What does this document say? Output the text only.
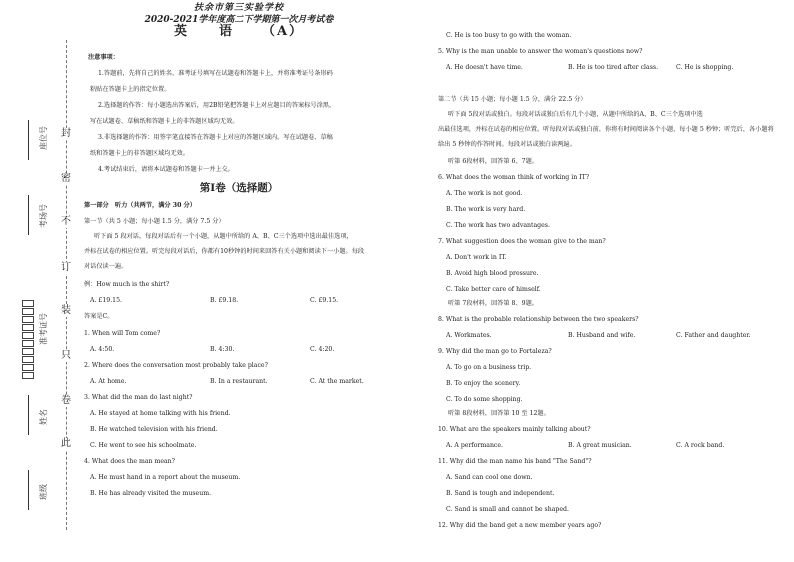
封
密
不
订
装
只
卷
此
座位号
考场号
准考证号
姓名
班级
扶余市第三实验学校
2020-2021学年度高二下学期第一次月考试卷
英　　语 （A）
注意事项：
1.答题前，先将自己的姓名、准考证号填写在试题卷和答题卡上，并将准考证号条形码
粘贴在答题卡上的指定位置。
2.选择题的作答：每小题选出答案后，用2B铅笔把答题卡上对应题目的答案标号涂黑，
写在试题卷、草稿纸和答题卡上的非答题区域均无效。
3.非选择题的作答：用签字笔直接答在答题卡上对应的答题区域内。写在试题卷、草稿
纸和答题卡上的非答题区域均无效。
4.考试结束后，请将本试题卷和答题卡一并上交。
第Ⅰ卷（选择题）
第一部分　听力（共两节，满分 30 分）
第一节（共 5 小题；每小题 1.5 分，满分 7.5 分）
听下面 5 段对话，每段对话后有一个小题，从题中所给的 A、B、C三个选项中选出最佳选项，
并标在试卷的相应位置。听完每段对话后，你都有10秒钟的时间来回答有关小题和阅读下一小题。每段
对话仅读一遍。
例：How much is the shirt?
A. £19.15.	B. £9.18.	C. £9.15.
答案是C。
1. When will Tom come?
A. 4:50.	B. 4:30.	C. 4:20.
2. Where does the conversation most probably take place?
A. At home.	B. In a restaurant.	C. At the market.
3. What did the man do last night?
A. He stayed at home talking with his friend.
B. He watched television with his friend.
C. He went to see his schoolmate.
4. What does the man mean?
A. He must hand in a report about the museum.
B. He has already visited the museum.
C. He is too busy to go with the woman.
5. Why is the man unable to answer the woman's questions now?
A. He doesn't have time.	B. He is too tired after class.	C. He is shopping.
第二节（共 15 小题；每小题 1.5 分，满分 22.5 分）
听下面 5段对话或独白。每段对话或独白后有几个小题，从题中所给的A、B、C三个选项中选
出最佳选项，并标在试卷的相应位置。听每段对话或独白前，你将有时间阅读各个小题，每小题 5 秒钟；听完后，各小题将
给出 5 秒钟的作答时间。每段对话或独白读两遍。
听第 6段材料，回答第 6、7题。
6. What does the woman think of working in IT?
A. The work is not good.
B. The work is very hard.
C. The work has two advantages.
7. What suggestion does the woman give to the man?
A. Don't work in IT.
B. Avoid high blood pressure.
C. Take better care of himself.
听第 7段材料，回答第 8、9题。
8. What is the probable relationship between the two speakers?
A. Workmates.	B. Husband and wife.	C. Father and daughter.
9. Why did the man go to Fortaleza?
A. To go on a business trip.
B. To enjoy the scenery.
C. To do some shopping.
听第 8段材料，回答第 10 至 12题。
10. What are the speakers mainly talking about?
A. A performance.	B. A great musician.	C. A rock band.
11. Why did the man name his band "The Sand"?
A. Sand can cool one down.
B. Sand is tough and independent.
C. Sand is small and cannot be shaped.
12. Why did the band get a new member years ago?
